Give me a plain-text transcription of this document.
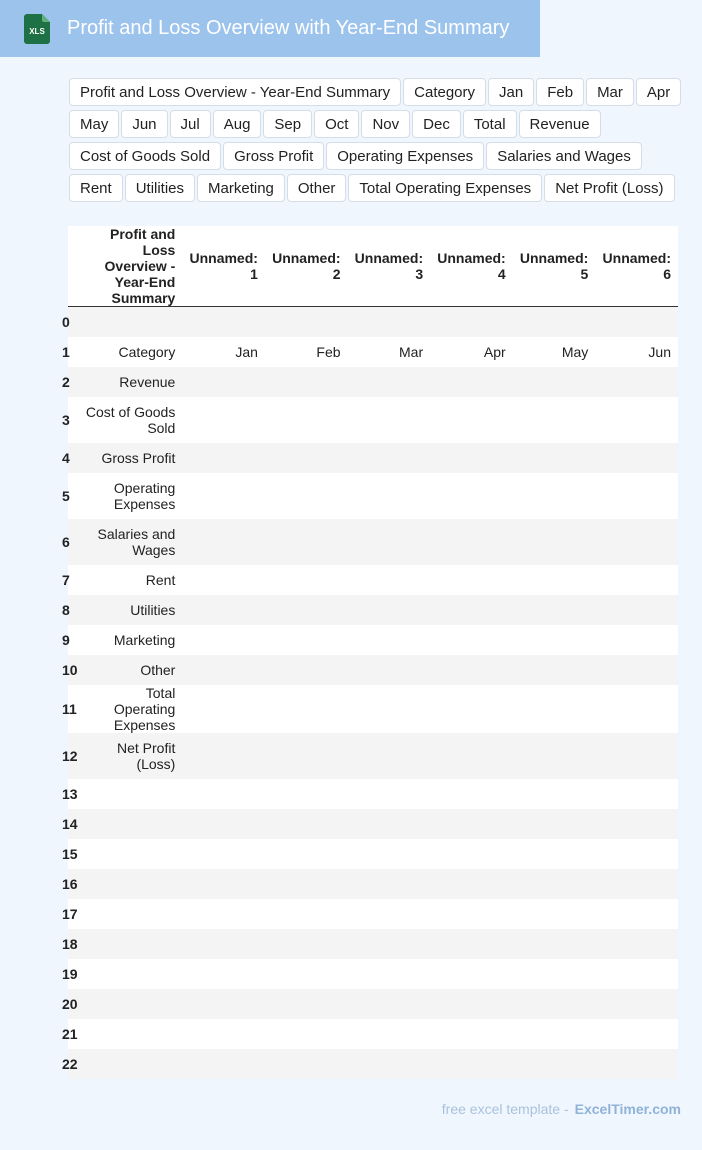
XLS Profit and Loss Overview with Year-End Summary
Profit and Loss Overview - Year-End Summary	Category	Jan	Feb	Mar	Apr
May	Jun	Jul	Aug	Sep	Oct	Nov	Dec	Total	Revenue
Cost of Goods Sold	Gross Profit	Operating Expenses	Salaries and Wages
Rent	Utilities	Marketing	Other	Total Operating Expenses	Net Profit (Loss)
	Profit and Loss Overview - Year-End Summary	Unnamed: 1	Unnamed: 2	Unnamed: 3	Unnamed: 4	Unnamed: 5	Unnamed: 6
0							
1	Category	Jan	Feb	Mar	Apr	May	Jun
2	Revenue						
3	Cost of Goods Sold						
4	Gross Profit						
5	Operating Expenses						
6	Salaries and Wages						
7	Rent						
8	Utilities						
9	Marketing						
10	Other						
11	Total Operating Expenses						
12	Net Profit (Loss)						
13							
14							
15							
16							
17							
18							
19							
20							
21							
22							
free excel template - ExcelTimer.com
